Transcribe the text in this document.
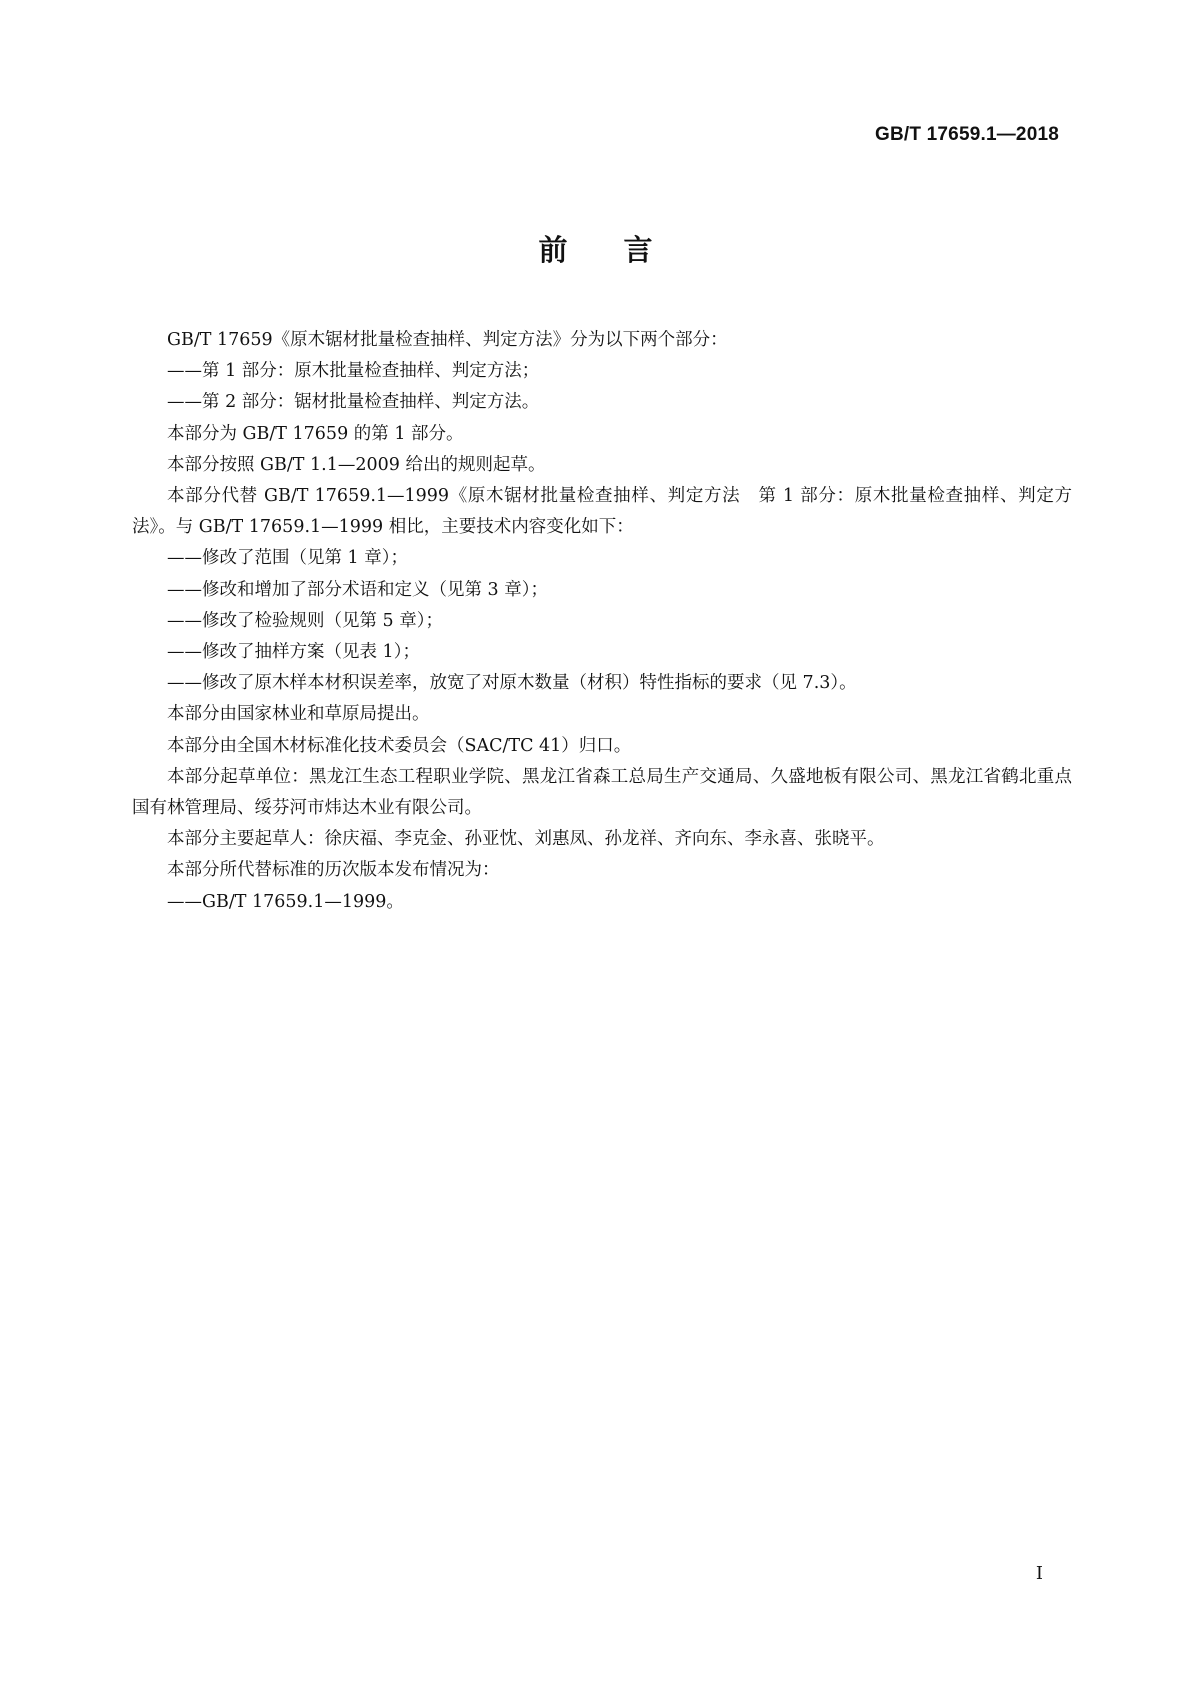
GB/T 17659.1—2018
前 言

GB/T 17659《原木锯材批量检查抽样、判定方法》分为以下两个部分：

——第 1 部分：原木批量检查抽样、判定方法；

——第 2 部分：锯材批量检查抽样、判定方法。

本部分为 GB/T 17659 的第 1 部分。

本部分按照 GB/T 1.1—2009 给出的规则起草。

本部分代替 GB/T 17659.1—1999《原木锯材批量检查抽样、判定方法　第 1 部分：原木批量检查抽样、判定方法》。与 GB/T 17659.1—1999 相比，主要技术内容变化如下：

——修改了范围（见第 1 章）；

——修改和增加了部分术语和定义（见第 3 章）；

——修改了检验规则（见第 5 章）；

——修改了抽样方案（见表 1）；

——修改了原木样本材积误差率，放宽了对原木数量（材积）特性指标的要求（见 7.3）。

本部分由国家林业和草原局提出。

本部分由全国木材标准化技术委员会（SAC/TC 41）归口。

本部分起草单位：黑龙江生态工程职业学院、黑龙江省森工总局生产交通局、久盛地板有限公司、黑龙江省鹤北重点国有林管理局、绥芬河市炜达木业有限公司。

本部分主要起草人：徐庆福、李克金、孙亚忱、刘惠凤、孙龙祥、齐向东、李永喜、张晓平。

本部分所代替标准的历次版本发布情况为：

——GB/T 17659.1—1999。

I
